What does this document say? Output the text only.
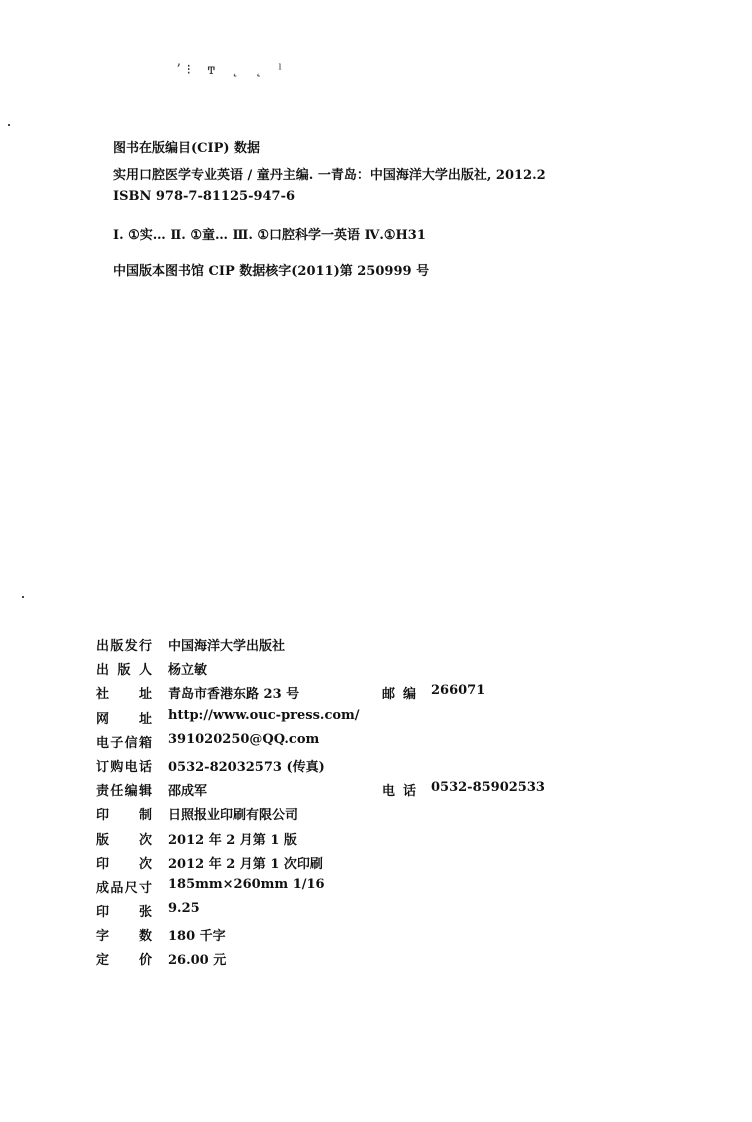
ʼ⁝ ͳ ˛ ˛ ˡ
图书在版编目(CIP) 数据
实用口腔医学专业英语 / 童丹主编. 一青岛：中国海洋大学出版社, 2012.2
ISBN 978-7-81125-947-6
Ⅰ. ①实… Ⅱ. ①童… Ⅲ. ①口腔科学一英语 Ⅳ.①H31
中国版本图书馆 CIP 数据核字(2011)第 250999 号
出版发行 中国海洋大学出版社
出 版 人 杨立敏
社 址 青岛市香港东路 23 号	邮 编 266071
网 址 http://www.ouc-press.com/
电子信箱 391020250@QQ.com
订购电话 0532-82032573 (传真)
责任编辑 邵成军	电 话 0532-85902533
印 制 日照报业印刷有限公司
版 次 2012 年 2 月第 1 版
印 次 2012 年 2 月第 1 次印刷
成品尺寸 185mm×260mm 1/16
印 张 9.25
字 数 180 千字
定 价 26.00 元
